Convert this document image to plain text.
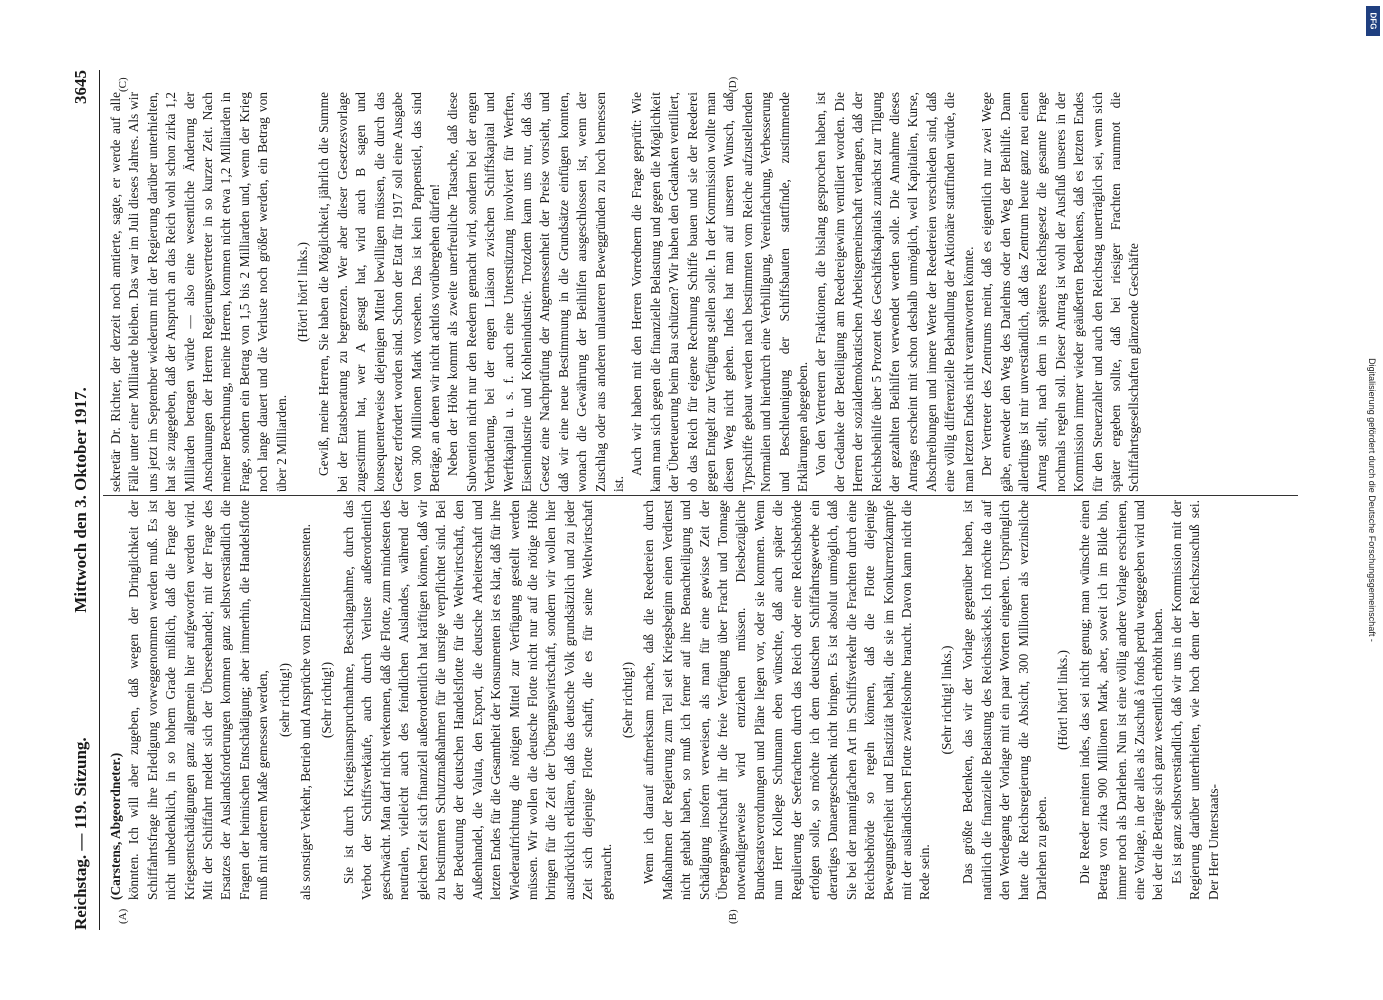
Reichstag. — 119. Sitzung.
Mittwoch den 3. Oktober 1917.
3645
(A)	(B)
(C)	(D)

(Carstens, Abgeordneter.) könnten. Ich will aber zugeben, daß wegen der Dringlichkeit der Schiffahrtsfrage ihre Erledigung vorweggenommen werden muß. Es ist nicht unbedenklich, in so hohem Grade mißlich, daß die Frage der Kriegsentschädigungen ganz allgemein hier aufgeworfen werden wird. Mit der Schiffahrt meldet sich der Überseehandel; mit der Frage des Ersatzes der Auslandsforderungen kommen ganz selbstverständlich die Fragen der heimischen Entschädigung; aber immerhin, die Handelsflotte muß mit anderem Maße gemessen werden, (sehr richtig!) als sonstiger Verkehr, Betrieb und Ansprüche von Einzelinteressenten. (Sehr richtig!) Sie ist durch Kriegsinanspruchnahme, Beschlagnahme, durch das Verbot der Schiffsverkäufe, auch durch Verluste außerordentlich geschwächt. Man darf nicht verkennen, daß die Flotte, zum mindesten des neutralen, vielleicht auch des feindlichen Auslandes, während der gleichen Zeit sich finanziell außerordentlich hat kräftigen können, daß wir zu bestimmten Schutzmaßnahmen für die unsrige verpflichtet sind. Bei der Bedeutung der deutschen Handelsflotte für die Weltwirtschaft, den Außenhandel, die Valuta, den Export, die deutsche Arbeiterschaft und letzten Endes für die Gesamtheit der Konsumenten ist es klar, daß für ihre Wiederaufrichtung die nötigen Mittel zur Verfügung gestellt werden müssen. Wir wollen die deutsche Flotte nicht nur auf die nötige Höhe bringen für die Zeit der Übergangswirtschaft, sondern wir wollen hier ausdrücklich erklären, daß das deutsche Volk grundsätzlich und zu jeder Zeit sich diejenige Flotte schafft, die es für seine Weltwirtschaft gebraucht.

(Sehr richtig!) Wenn ich darauf aufmerksam mache, daß die Reedereien durch Maßnahmen der Regierung zum Teil seit Kriegsbeginn einen Verdienst nicht gehabt haben, so muß ich ferner auf ihre Benachteiligung und Schädigung insofern verweisen, als man für eine gewisse Zeit der Übergangswirtschaft ihr die freie Verfügung über Fracht und Tonnage notwendigerweise wird entziehen müssen. Diesbezügliche Bundesratsverordnungen und Pläne liegen vor, oder sie kommen. Wenn nun Herr Kollege Schumann eben wünschte, daß auch später die Regulierung der Seefrachten durch das Reich oder eine Reichsbehörde erfolgen solle, so möchte ich dem deutschen Schiffahrtsgewerbe ein derartiges Danaergeschenk nicht bringen. Es ist absolut unmöglich, daß Sie bei der mannigfachen Art im Schiffsverkehr die Frachten durch eine Reichsbehörde so regeln können, daß die Flotte diejenige Bewegungsfreiheit und Elastizität behält, die sie im Konkurrenzkampfe mit der ausländischen Flotte zweifelsohne braucht. Davon kann nicht die Rede sein.

(Sehr richtig! links.) Das größte Bedenken, das wir der Vorlage gegenüber haben, ist natürlich die finanzielle Belastung des Reichssäckels. Ich möchte da auf den Werdegang der Vorlage mit ein paar Worten eingehen. Ursprünglich hatte die Reichsregierung die Absicht, 300 Millionen als verzinsliche Darlehen zu geben.

(Hört! hört! links.) Die Reeder meinten indes, das sei nicht genug; man wünschte einen Betrag von zirka 900 Millionen Mark, aber, soweit ich im Bilde bin, immer noch als Darlehen. Nun ist eine völlig andere Vorlage erschienen, eine Vorlage, in der alles als Zuschuß à fonds perdu weggegeben wird und bei der die Beträge sich ganz wesentlich erhöht haben. Es ist ganz selbstverständlich, daß wir uns in der Kommission mit der Regierung darüber unterhielten, wie hoch denn der Reichszuschuß sei. Der Herr Unterstaats-

sekretär Dr. Richter, der derzeit noch amtierte, sagte, er werde auf alle Fälle unter einer Milliarde bleiben. Das war im Juli dieses Jahres. Als wir uns jetzt im September wiederum mit der Regierung darüber unterhielten, hat sie zugegeben, daß der Anspruch an das Reich wohl schon zirka 1,2 Milliarden betragen würde — also eine wesentliche Änderung der Anschauungen der Herren Regierungsvertreter in so kurzer Zeit. Nach meiner Berechnung, meine Herren, kommen nicht etwa 1,2 Milliarden in Frage, sondern ein Betrag von 1,5 bis 2 Milliarden und, wenn der Krieg noch lange dauert und die Verluste noch größer werden, ein Betrag von über 2 Milliarden.

(Hört! hört! links.) Gewiß, meine Herren, Sie haben die Möglichkeit, jährlich die Summe bei der Etatsberatung zu begrenzen. Wer aber dieser Gesetzesvorlage zugestimmt hat, wer A gesagt hat, wird auch B sagen und konsequenterweise diejenigen Mittel bewilligen müssen, die durch das Gesetz erfordert worden sind. Schon der Etat für 1917 soll eine Ausgabe von 300 Millionen Mark vorsehen. Das ist kein Pappenstiel, das sind Beträge, an denen wir nicht achtlos vorübergehen dürfen! Neben der Höhe kommt als zweite unerfreuliche Tatsache, daß diese Subvention nicht nur den Reedern gemacht wird, sondern bei der engen Verbrüderung, bei der engen Liaison zwischen Schiffskapital und Werftkapital u. s. f. auch eine Unterstützung involviert für Werften, Eisenindustrie und Kohlenindustrie. Trotzdem kann uns nur, daß das Gesetz eine Nachprüfung der Angemessenheit der Preise vorsieht, und daß wir eine neue Bestimmung in die Grundsätze einfügen konnten, wonach die Gewährung der Beihilfen ausgeschlossen ist, wenn der Zuschlag oder aus anderen unlauteren Beweggründen zu hoch bemessen ist.

Auch wir haben mit den Herren Vorrednern die Frage geprüft: Wie kann man sich gegen die finanzielle Belastung und gegen die Möglichkeit der Überteuerung beim Bau schützen? Wir haben den Gedanken ventiliert, ob das Reich für eigene Rechnung Schiffe bauen und sie der Reederei gegen Entgelt zur Verfügung stellen solle. In der Kommission wollte man diesen Weg nicht gehen. Indes hat man auf unseren Wunsch, daß Typschiffe gebaut werden nach bestimmten vom Reiche aufzustellenden Normalien und hierdurch eine Verbilligung, Vereinfachung, Verbesserung und Beschleunigung der Schiffsbauten stattfinde, zustimmende Erklärungen abgegeben. Von den Vertretern der Fraktionen, die bislang gesprochen haben, ist der Gedanke der Beteiligung am Reedereigewinn ventiliert worden. Die Herren der sozialdemokratischen Arbeitsgemeinschaft verlangen, daß der Reichsbeihilfe über 5 Prozent des Geschäftskapitals zunächst zur Tilgung der gezahlten Beihilfen verwendet werden solle. Die Annahme dieses Antrags erscheint mit schon deshalb unmöglich, weil Kapitalien, Kurse, Abschreibungen und innere Werte der Reedereien verschieden sind, daß eine völlig differenzielle Behandlung der Aktionäre stattfinden würde, die man letzten Endes nicht verantworten könnte. Der Vertreter des Zentrums meint, daß es eigentlich nur zwei Wege gäbe, entweder den Weg des Darlehns oder den Weg der Beihilfe. Dann allerdings ist mir unverständlich, daß das Zentrum heute ganz neu einen Antrag stellt, nach dem in späteres Reichsgesetz die gesamte Frage nochmals regeln soll. Dieser Antrag ist wohl der Ausfluß unseres in der Kommission immer wieder geäußerten Bedenkens, daß es letzten Endes für den Steuerzahler und auch den Reichstag unerträglich sei, wenn sich später ergeben sollte, daß bei riesiger Frachten raummot die Schiffahrtsgesellschaften glänzende Geschäfte

DFG
Digitalisierung gefördert durch die Deutsche Forschungsgemeinschaft -
